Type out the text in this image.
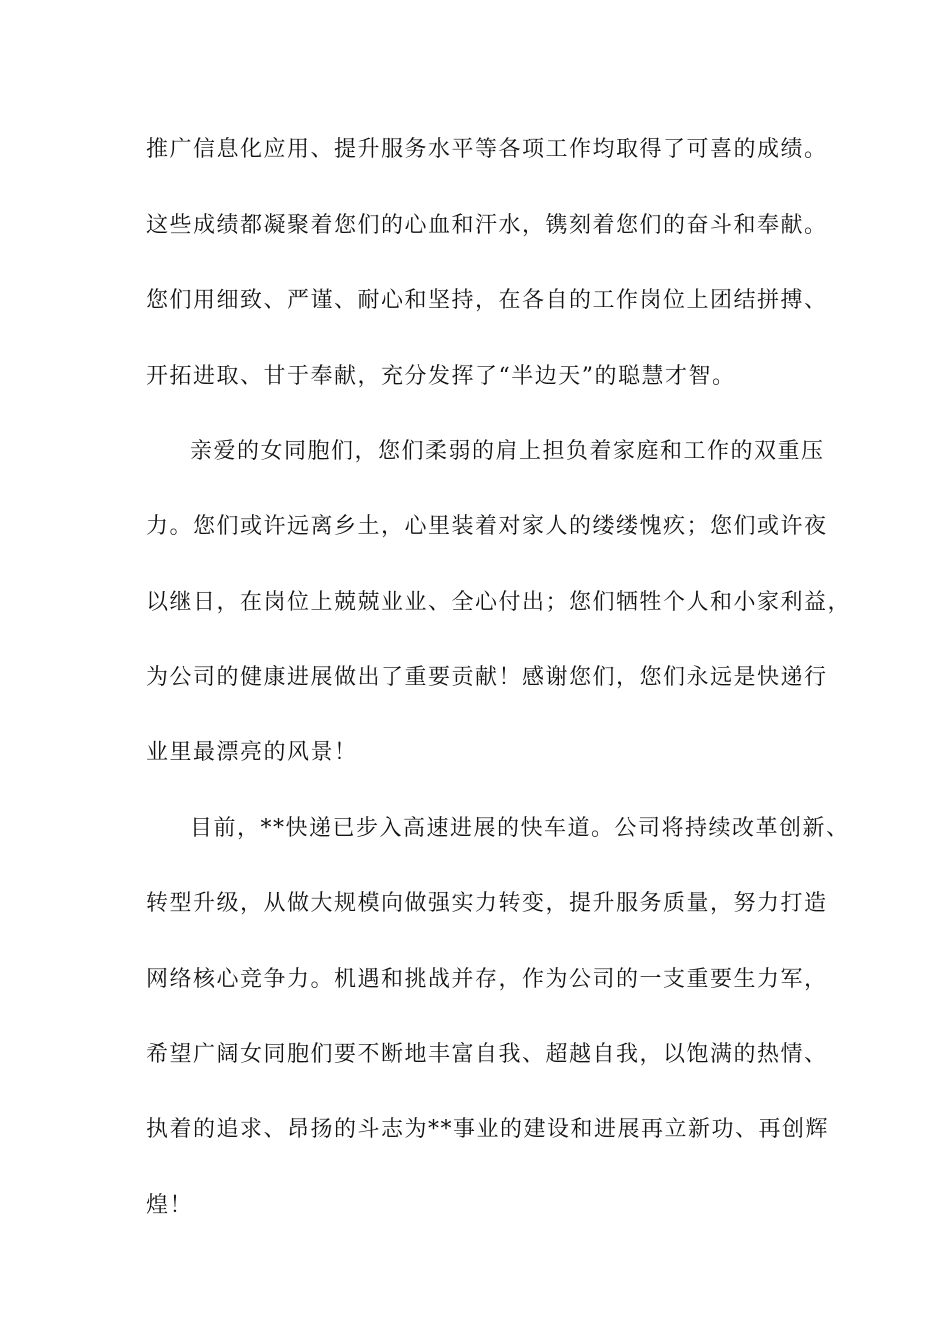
推广信息化应用、提升服务水平等各项工作均取得了可喜的成绩。
这些成绩都凝聚着您们的心血和汗水，镌刻着您们的奋斗和奉献。
您们用细致、严谨、耐心和坚持，在各自的工作岗位上团结拼搏、
开拓进取、甘于奉献，充分发挥了“半边天”的聪慧才智。
亲爱的女同胞们，您们柔弱的肩上担负着家庭和工作的双重压
力。您们或许远离乡土，心里装着对家人的缕缕愧疚；您们或许夜
以继日，在岗位上兢兢业业、全心付出；您们牺牲个人和小家利益，
为公司的健康进展做出了重要贡献！感谢您们，您们永远是快递行
业里最漂亮的风景！
目前，**快递已步入高速进展的快车道。公司将持续改革创新、
转型升级，从做大规模向做强实力转变，提升服务质量，努力打造
网络核心竞争力。机遇和挑战并存，作为公司的一支重要生力军，
希望广阔女同胞们要不断地丰富自我、超越自我，以饱满的热情、
执着的追求、昂扬的斗志为**事业的建设和进展再立新功、再创辉
煌！
